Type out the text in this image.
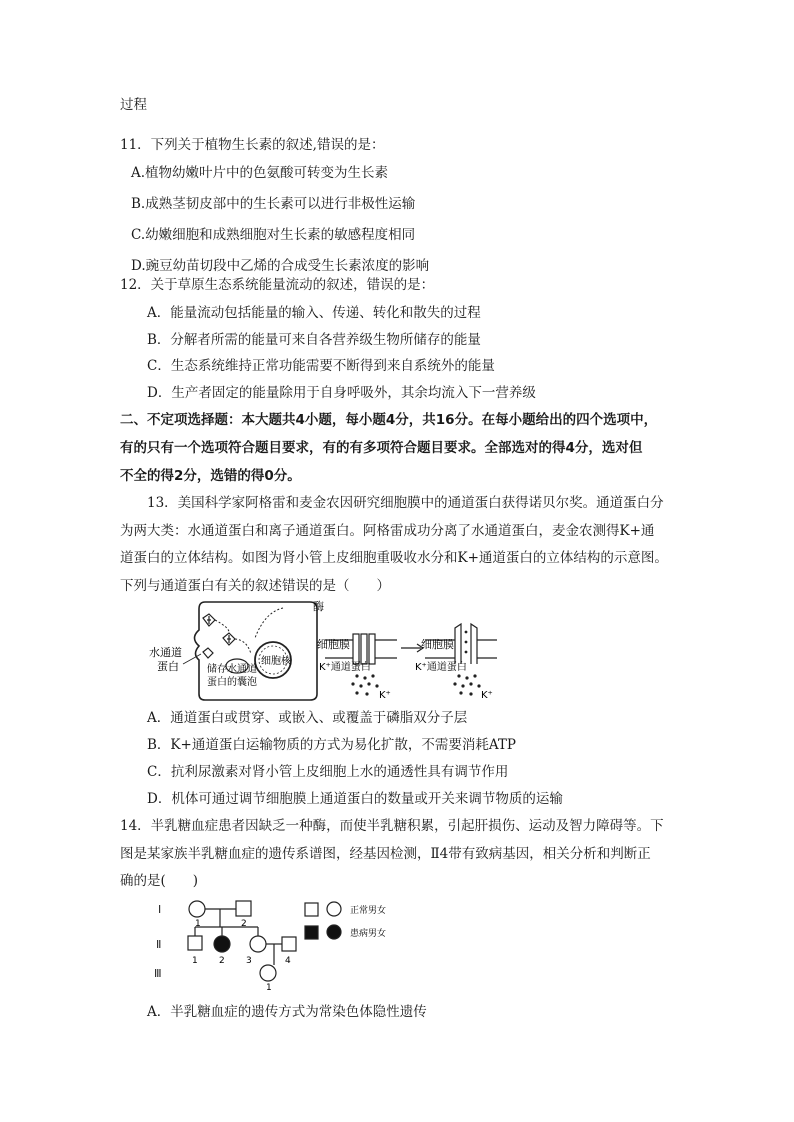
过程
11．下列关于植物生长素的叙述,错误的是：
A.植物幼嫩叶片中的色氨酸可转变为生长素
B.成熟茎韧皮部中的生长素可以进行非极性运输
C.幼嫩细胞和成熟细胞对生长素的敏感程度相同
D.豌豆幼苗切段中乙烯的合成受生长素浓度的影响
12．关于草原生态系统能量流动的叙述，错误的是：
A．能量流动包括能量的输入、传递、转化和散失的过程
B．分解者所需的能量可来自各营养级生物所储存的能量
C．生态系统维持正常功能需要不断得到来自系统外的能量
D．生产者固定的能量除用于自身呼吸外，其余均流入下一营养级
二、不定项选择题：本大题共4小题，每小题4分，共16分。在每小题给出的四个选项中，
有的只有一个选项符合题目要求，有的有多项符合题目要求。全部选对的得4分，选对但
不全的得2分，选错的得0分。
13．美国科学家阿格雷和麦金农因研究细胞膜中的通道蛋白获得诺贝尔奖。通道蛋白分
为两大类：水通道蛋白和离子通道蛋白。阿格雷成功分离了水通道蛋白，麦金农测得K+通
道蛋白的立体结构。如图为肾小管上皮细胞重吸收水分和K+通道蛋白的立体结构的示意图。
下列与通道蛋白有关的叙述错误的是（　　）
酶
水通道
蛋白	细胞核
储存水通道
蛋白的囊泡
细胞膜
K⁺通道蛋白
K⁺
细胞膜
K⁺通道蛋白
K⁺
A．通道蛋白或贯穿、或嵌入、或覆盖于磷脂双分子层
B．K+通道蛋白运输物质的方式为易化扩散，不需要消耗ATP
C．抗利尿激素对肾小管上皮细胞上水的通透性具有调节作用
D．机体可通过调节细胞膜上通道蛋白的数量或开关来调节物质的运输
14．半乳糖血症患者因缺乏一种酶，而使半乳糖积累，引起肝损伤、运动及智力障碍等。下
图是某家族半乳糖血症的遗传系谱图，经基因检测，Ⅱ4带有致病基因，相关分析和判断正
确的是(　　)
Ⅰ
Ⅱ
Ⅲ
1	2
1 2 3	4
1
正常男女
患病男女
A．半乳糖血症的遗传方式为常染色体隐性遗传
